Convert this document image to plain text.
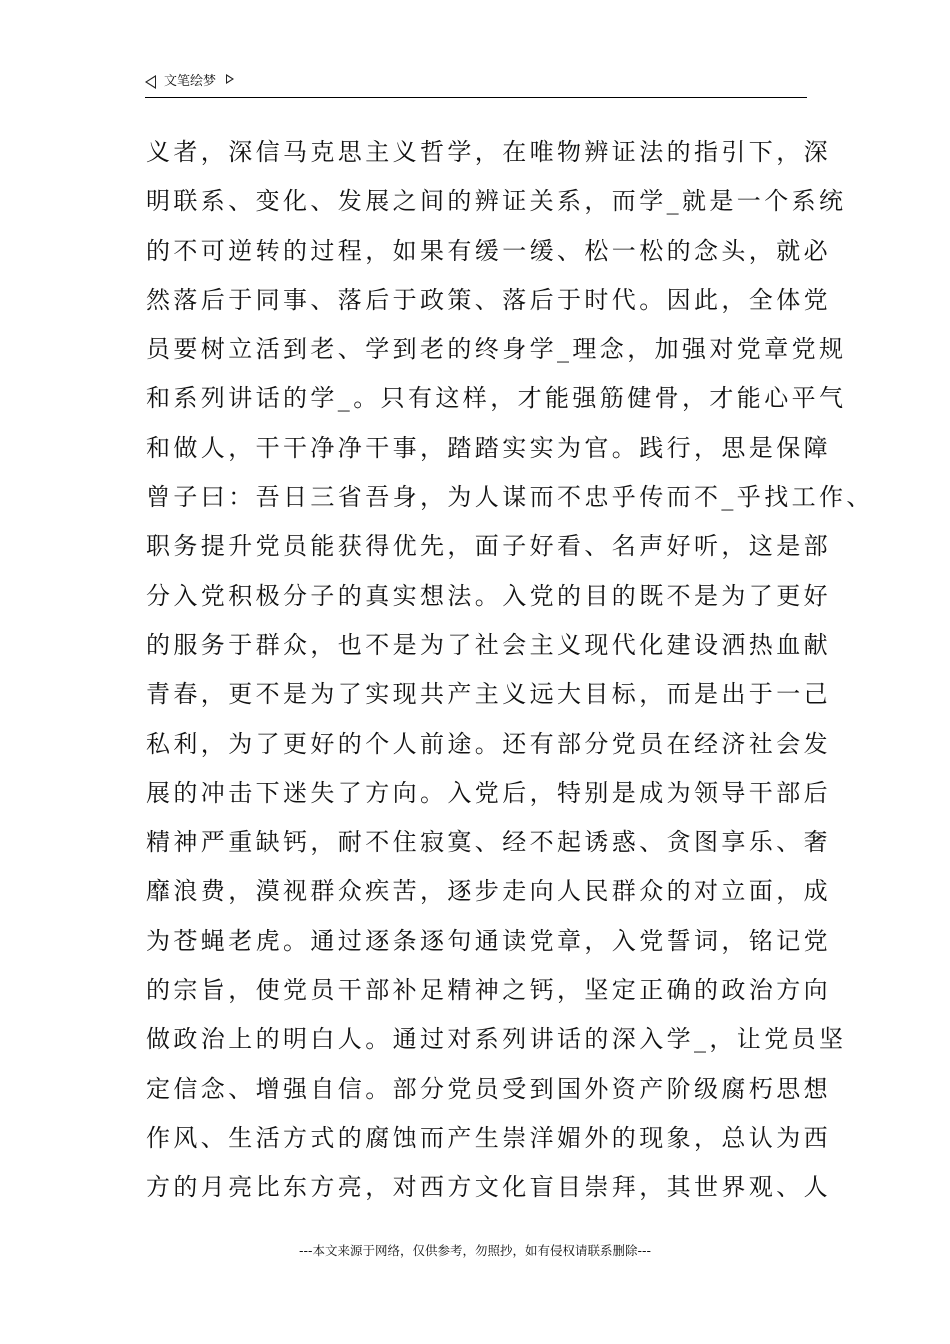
文笔绘梦
义者，深信马克思主义哲学，在唯物辨证法的指引下，深
明联系、变化、发展之间的辨证关系，而学_就是一个系统
的不可逆转的过程，如果有缓一缓、松一松的念头，就必
然落后于同事、落后于政策、落后于时代。因此，全体党
员要树立活到老、学到老的终身学_理念，加强对党章党规
和系列讲话的学_。只有这样，才能强筋健骨，才能心平气
和做人，干干净净干事，踏踏实实为官。践行，思是保障
曾子曰：吾日三省吾身，为人谋而不忠乎传而不_乎找工作、
职务提升党员能获得优先，面子好看、名声好听，这是部
分入党积极分子的真实想法。入党的目的既不是为了更好
的服务于群众，也不是为了社会主义现代化建设洒热血献
青春，更不是为了实现共产主义远大目标，而是出于一己
私利，为了更好的个人前途。还有部分党员在经济社会发
展的冲击下迷失了方向。入党后，特别是成为领导干部后
精神严重缺钙，耐不住寂寞、经不起诱惑、贪图享乐、奢
靡浪费，漠视群众疾苦，逐步走向人民群众的对立面，成
为苍蝇老虎。通过逐条逐句通读党章，入党誓词，铭记党
的宗旨，使党员干部补足精神之钙，坚定正确的政治方向
做政治上的明白人。通过对系列讲话的深入学_，让党员坚
定信念、增强自信。部分党员受到国外资产阶级腐朽思想
作风、生活方式的腐蚀而产生崇洋媚外的现象，总认为西
方的月亮比东方亮，对西方文化盲目崇拜，其世界观、人
---本文来源于网络，仅供参考，勿照抄，如有侵权请联系删除---
